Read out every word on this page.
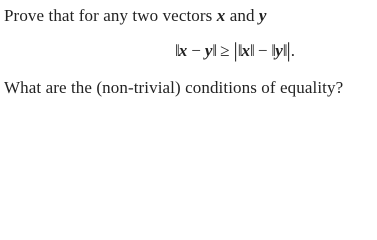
Prove that for any two vectors x and y
‖x − y‖ ≥ |‖x‖ − ‖y‖|.
What are the (non-trivial) conditions of equality?
